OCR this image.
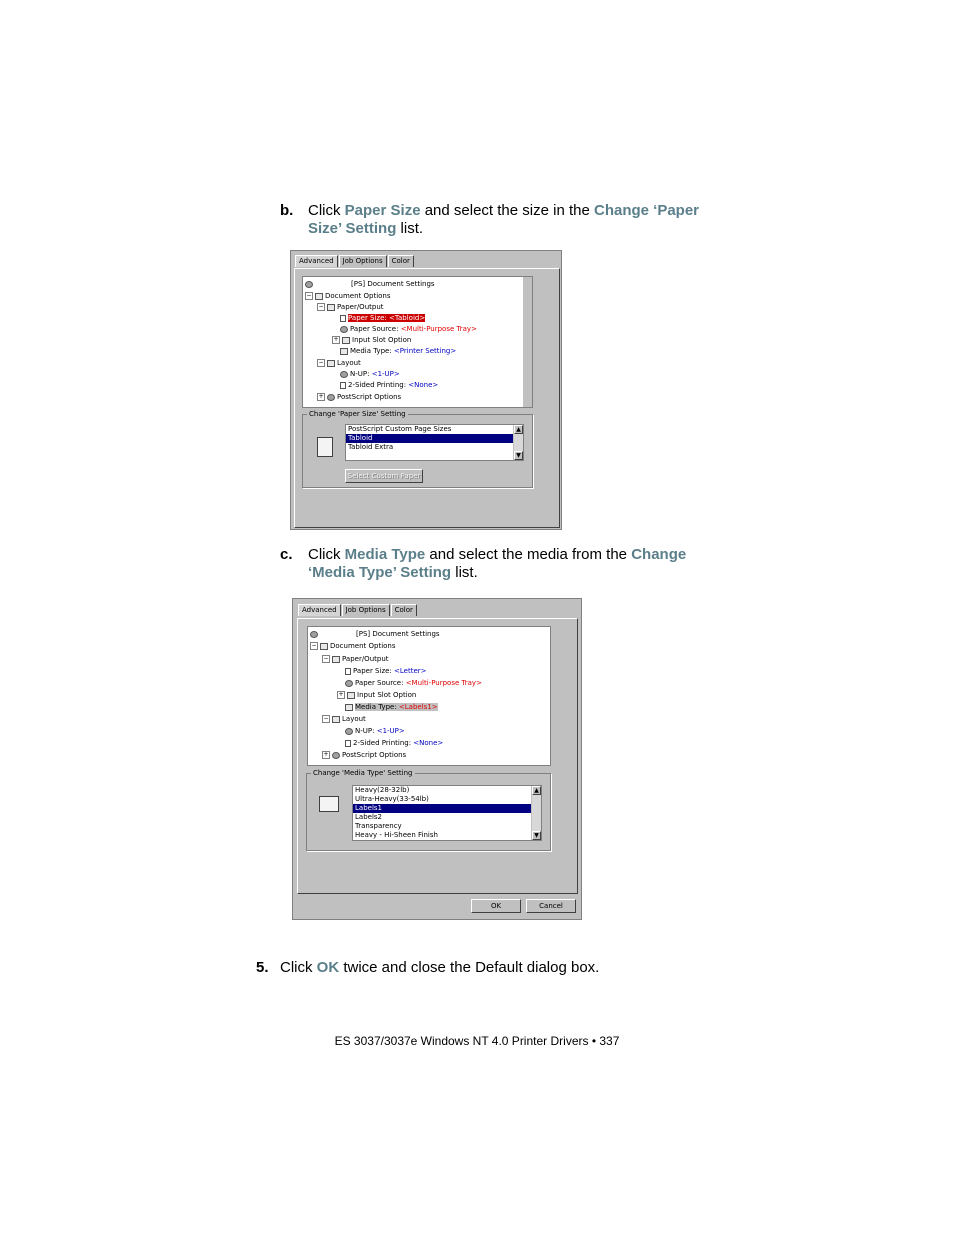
b. Click Paper Size and select the size in the Change ‘Paper
Size’ Setting list.
Advanced	Job Options	Color
[PS] Document Settings
− Document Options
− Paper/Output
Paper Size: <Tabloid>
Paper Source: <Multi-Purpose Tray>
+ Input Slot Option
Media Type: <Printer Setting>
− Layout
N-UP: <1-UP>
2-Sided Printing: <None>
+ PostScript Options
Change 'Paper Size' Setting
PostScript Custom Page Sizes
Tabloid
Tabloid Extra
▲
▼
Select Custom Paper
c. Click Media Type and select the media from the Change
‘Media Type’ Setting list.
Advanced	Job Options	Color
[PS] Document Settings
− Document Options
− Paper/Output
Paper Size: <Letter>
Paper Source: <Multi-Purpose Tray>
+ Input Slot Option
Media Type: <Labels1>
− Layout
N-UP: <1-UP>
2-Sided Printing: <None>
+ PostScript Options
Change 'Media Type' Setting
Heavy(28-32lb)
Ultra-Heavy(33-54lb)
Labels1
Labels2
Transparency
Heavy - Hi-Sheen Finish
▲
▼
OK	Cancel
5. Click OK twice and close the Default dialog box.
ES 3037/3037e Windows NT 4.0 Printer Drivers • 337
